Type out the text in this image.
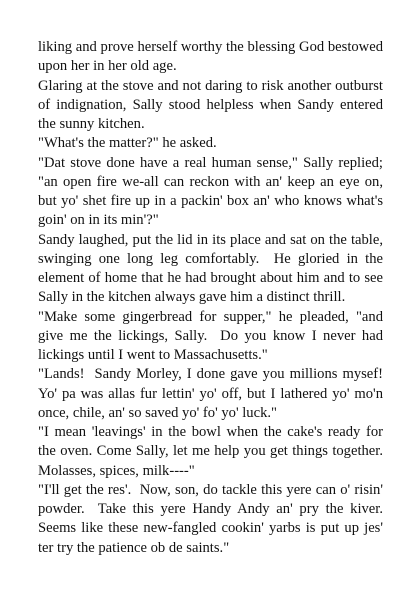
liking and prove herself worthy the blessing God bestowed upon her in her old age.

Glaring at the stove and not daring to risk another outburst of indignation, Sally stood helpless when Sandy entered the sunny kitchen.

"What's the matter?" he asked.

"Dat stove done have a real human sense," Sally replied; "an open fire we-all can reckon with an' keep an eye on, but yo' shet fire up in a packin' box an' who knows what's goin' on in its min'?"

Sandy laughed, put the lid in its place and sat on the table, swinging one long leg comfortably.  He gloried in the element of home that he had brought about him and to see Sally in the kitchen always gave him a distinct thrill.

"Make some gingerbread for supper," he pleaded, "and give me the lickings, Sally.  Do you know I never had lickings until I went to Massachusetts."

"Lands!  Sandy Morley, I done gave you millions mysef!  Yo' pa was allas fur lettin' yo' off, but I lathered yo' mo'n once, chile, an' so saved yo' fo' yo' luck."

"I mean 'leavings' in the bowl when the cake's ready for the oven. Come Sally, let me help you get things together. Molasses, spices, milk----"

"I'll get the res'.  Now, son, do tackle this yere can o' risin' powder.  Take this yere Handy Andy an' pry the kiver.  Seems like these new-fangled cookin' yarbs is put up jes' ter try the patience ob de saints."
